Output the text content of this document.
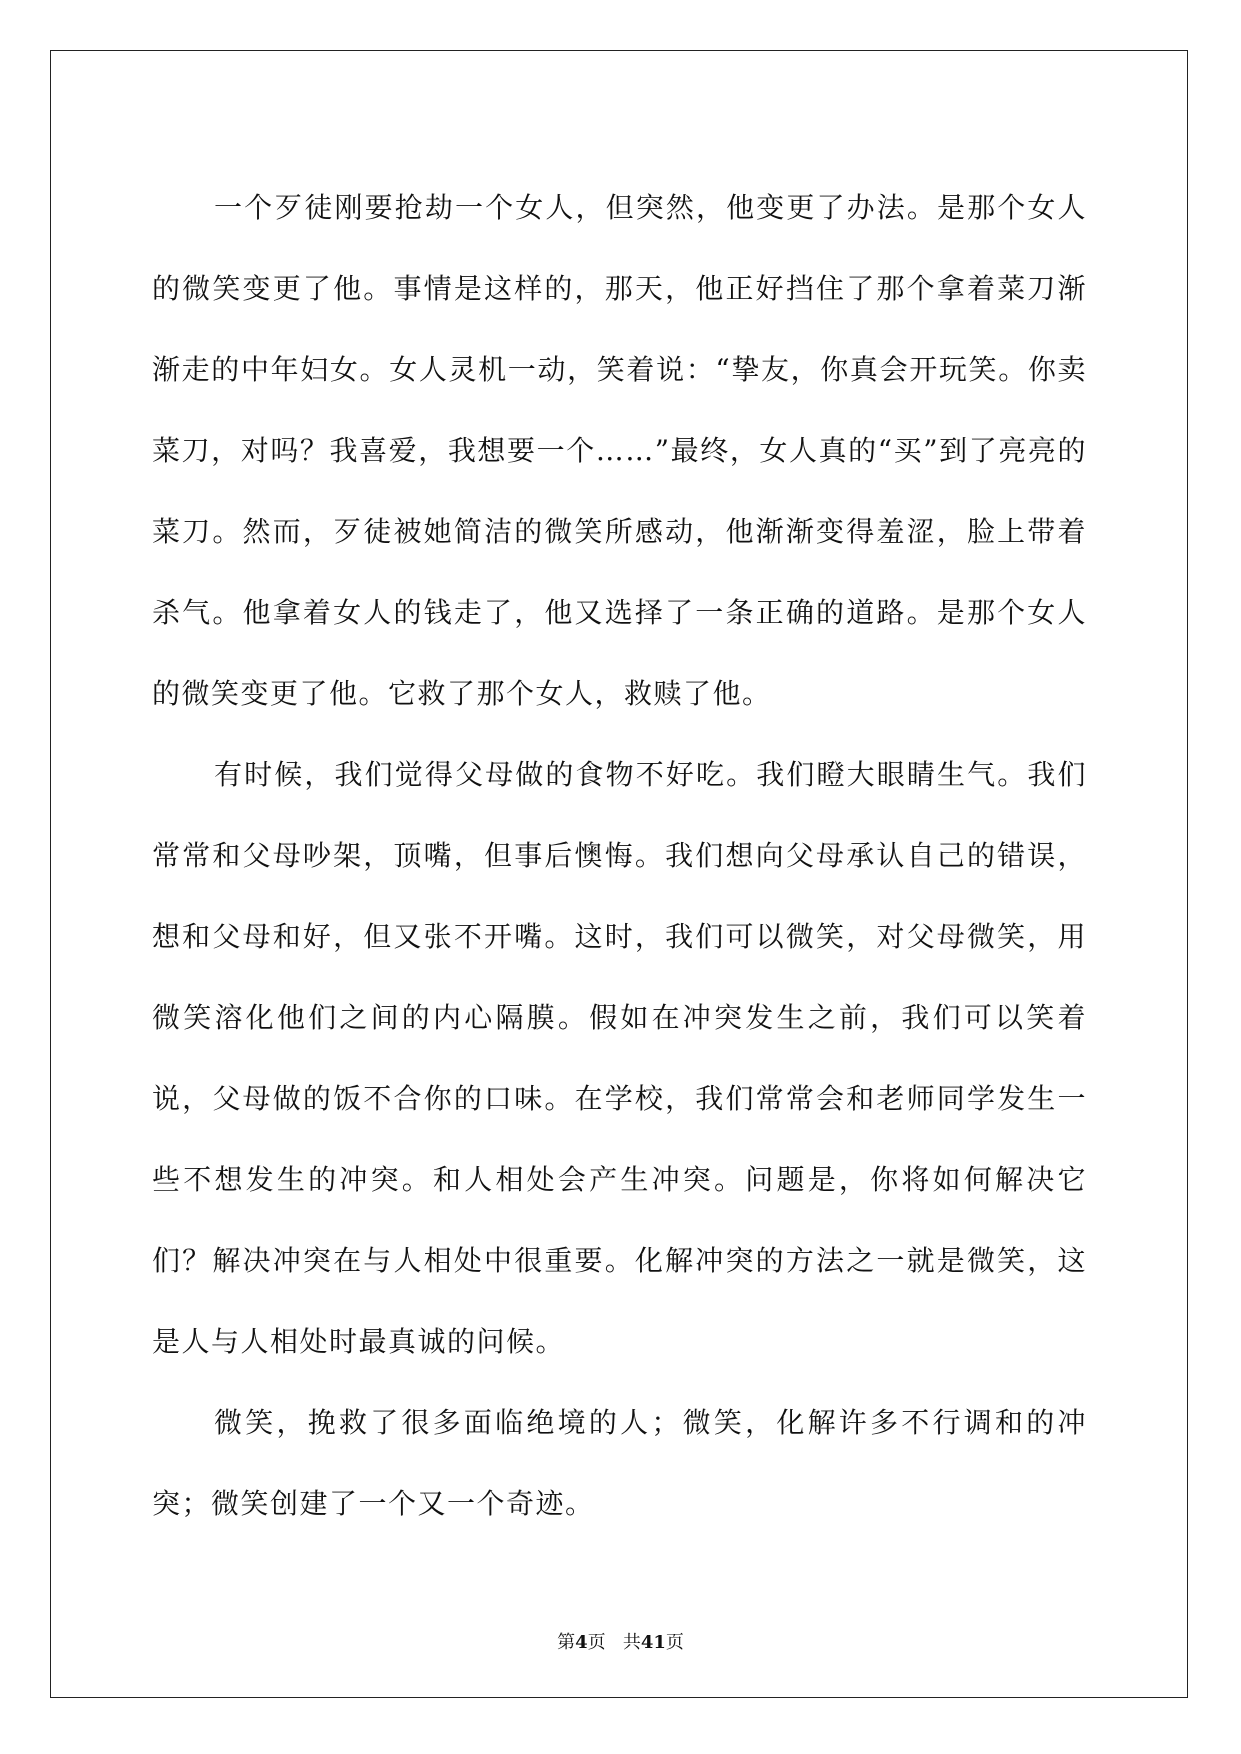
一个歹徒刚要抢劫一个女人，但突然，他变更了办法。是那个女人的微笑变更了他。事情是这样的，那天，他正好挡住了那个拿着菜刀渐渐走的中年妇女。女人灵机一动，笑着说：“挚友，你真会开玩笑。你卖菜刀，对吗？我喜爱，我想要一个……”最终，女人真的“买”到了亮亮的菜刀。然而，歹徒被她简洁的微笑所感动，他渐渐变得羞涩，脸上带着杀气。他拿着女人的钱走了，他又选择了一条正确的道路。是那个女人的微笑变更了他。它救了那个女人，救赎了他。

有时候，我们觉得父母做的食物不好吃。我们瞪大眼睛生气。我们常常和父母吵架，顶嘴，但事后懊悔。我们想向父母承认自己的错误，想和父母和好，但又张不开嘴。这时，我们可以微笑，对父母微笑，用微笑溶化他们之间的内心隔膜。假如在冲突发生之前，我们可以笑着说，父母做的饭不合你的口味。在学校，我们常常会和老师同学发生一些不想发生的冲突。和人相处会产生冲突。问题是，你将如何解决它们？解决冲突在与人相处中很重要。化解冲突的方法之一就是微笑，这是人与人相处时最真诚的问候。

微笑，挽救了很多面临绝境的人；微笑，化解许多不行调和的冲突；微笑创建了一个又一个奇迹。

第4页 共41页
